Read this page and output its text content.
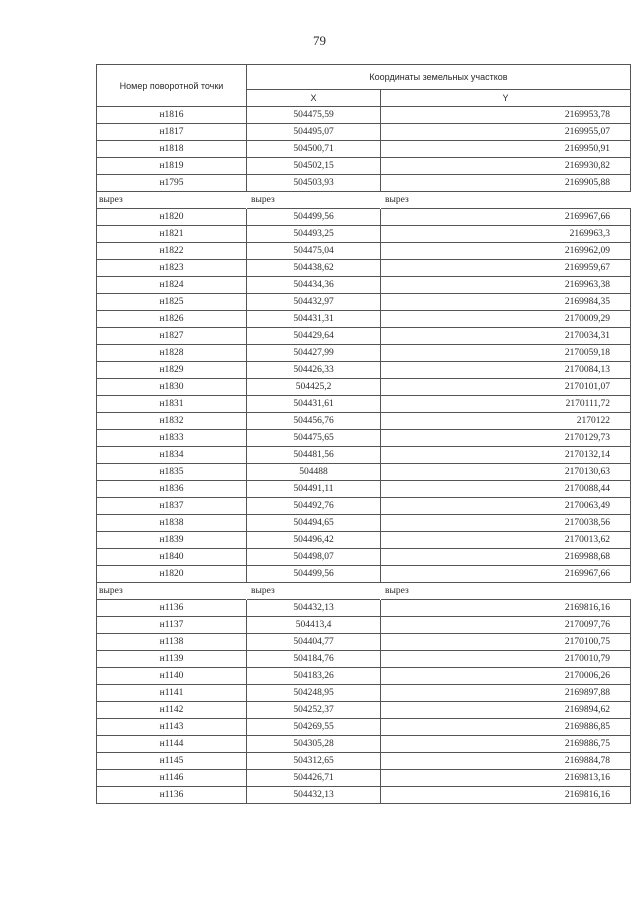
79
Номер поворотной точки	Координаты земельных участков	
	X	Y
н1816	504475,59	2169953,78
н1817	504495,07	2169955,07
н1818	504500,71	2169950,91
н1819	504502,15	2169930,82
н1795	504503,93	2169905,88
вырез	вырез	вырез
н1820	504499,56	2169967,66
н1821	504493,25	2169963,3
н1822	504475,04	2169962,09
н1823	504438,62	2169959,67
н1824	504434,36	2169963,38
н1825	504432,97	2169984,35
н1826	504431,31	2170009,29
н1827	504429,64	2170034,31
н1828	504427,99	2170059,18
н1829	504426,33	2170084,13
н1830	504425,2	2170101,07
н1831	504431,61	2170111,72
н1832	504456,76	2170122
н1833	504475,65	2170129,73
н1834	504481,56	2170132,14
н1835	504488	2170130,63
н1836	504491,11	2170088,44
н1837	504492,76	2170063,49
н1838	504494,65	2170038,56
н1839	504496,42	2170013,62
н1840	504498,07	2169988,68
н1820	504499,56	2169967,66
вырез	вырез	вырез
н1136	504432,13	2169816,16
н1137	504413,4	2170097,76
н1138	504404,77	2170100,75
н1139	504184,76	2170010,79
н1140	504183,26	2170006,26
н1141	504248,95	2169897,88
н1142	504252,37	2169894,62
н1143	504269,55	2169886,85
н1144	504305,28	2169886,75
н1145	504312,65	2169884,78
н1146	504426,71	2169813,16
н1136	504432,13	2169816,16
